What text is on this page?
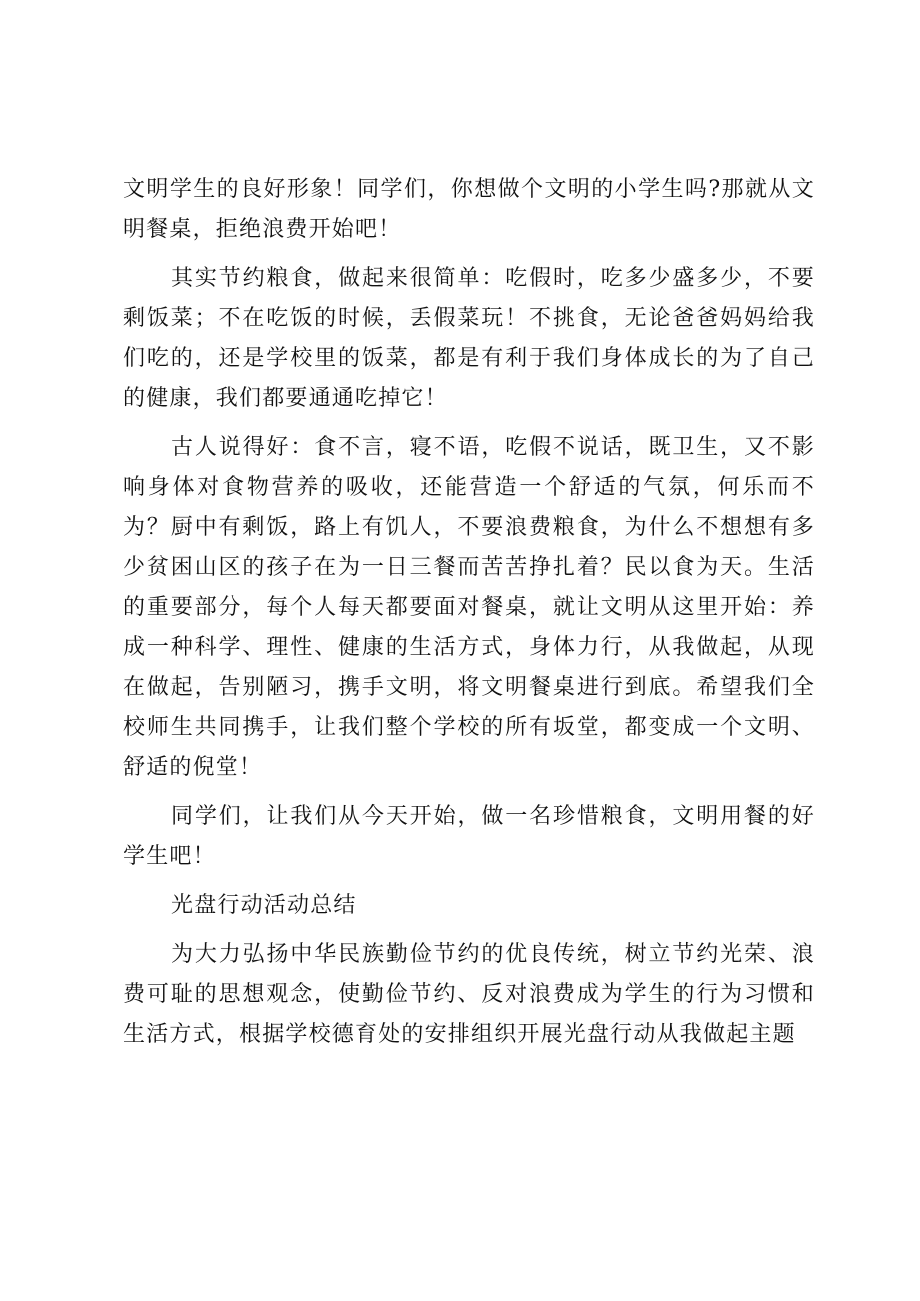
文明学生的良好形象！同学们，你想做个文明的小学生吗?那就从文明餐桌，拒绝浪费开始吧！

其实节约粮食，做起来很简单：吃假时，吃多少盛多少，不要剩饭菜；不在吃饭的时候，丢假菜玩！不挑食，无论爸爸妈妈给我们吃的，还是学校里的饭菜，都是有利于我们身体成长的为了自己的健康，我们都要通通吃掉它！

古人说得好：食不言，寝不语，吃假不说话，既卫生，又不影响身体对食物营养的吸收，还能营造一个舒适的气氛，何乐而不为？厨中有剩饭，路上有饥人，不要浪费粮食，为什么不想想有多少贫困山区的孩子在为一日三餐而苦苦挣扎着？民以食为天。生活的重要部分，每个人每天都要面对餐桌，就让文明从这里开始：养成一种科学、理性、健康的生活方式，身体力行，从我做起，从现在做起，告别陋习，携手文明，将文明餐桌进行到底。希望我们全校师生共同携手，让我们整个学校的所有坂堂，都变成一个文明、舒适的倪堂！

同学们，让我们从今天开始，做一名珍惜粮食，文明用餐的好学生吧！

光盘行动活动总结

为大力弘扬中华民族勤俭节约的优良传统，树立节约光荣、浪费可耻的思想观念，使勤俭节约、反对浪费成为学生的行为习惯和生活方式，根据学校德育处的安排组织开展光盘行动从我做起主题
